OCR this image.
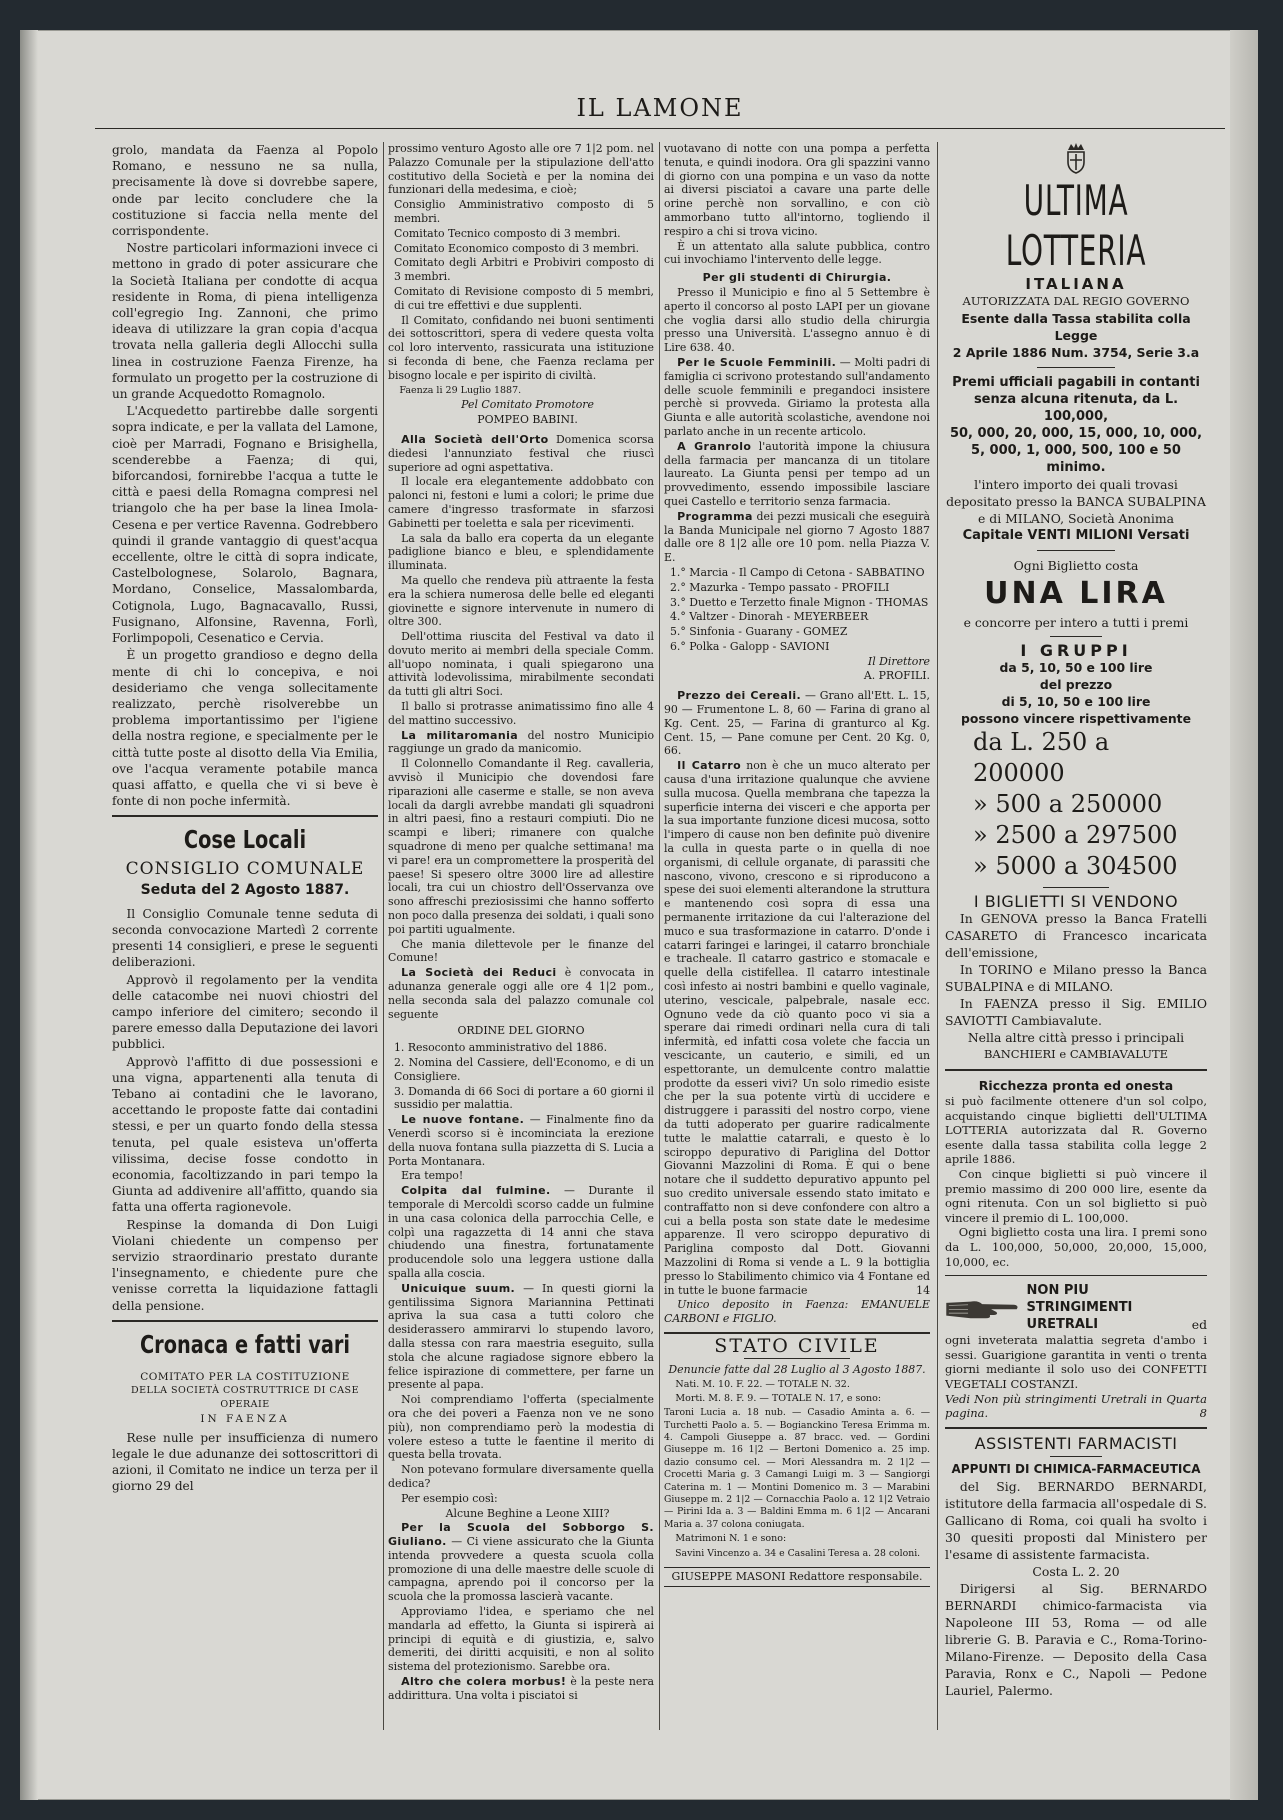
IL LAMONE

grolo, mandata da Faenza al Popolo Romano, e nessuno ne sa nulla, precisamente là dove si dovrebbe sapere, onde par lecito concludere che la costituzione si faccia nella mente del corrispondente.

Nostre particolari informazioni invece ci mettono in grado di poter assicurare che la Società Italiana per condotte di acqua residente in Roma, di piena intelligenza coll'egregio Ing. Zannoni, che primo ideava di utilizzare la gran copia d'acqua trovata nella galleria degli Allocchi sulla linea in costruzione Faenza Firenze, ha formulato un progetto per la costruzione di un grande Acquedotto Romagnolo.

L'Acquedetto partirebbe dalle sorgenti sopra indicate, e per la vallata del Lamone, cioè per Marradi, Fognano e Brisighella, scenderebbe a Faenza; di qui, biforcandosi, fornirebbe l'acqua a tutte le città e paesi della Romagna compresi nel triangolo che ha per base la linea Imola-Cesena e per vertice Ravenna. Godrebbero quindi il grande vantaggio di quest'acqua eccellente, oltre le città di sopra indicate, Castelbolognese, Solarolo, Bagnara, Mordano, Conselice, Massalombarda, Cotignola, Lugo, Bagnacavallo, Russi, Fusignano, Alfonsine, Ravenna, Forlì, Forlimpopoli, Cesenatico e Cervia.

È un progetto grandioso e degno della mente di chi lo concepiva, e noi desideriamo che venga sollecitamente realizzato, perchè risolverebbe un problema importantissimo per l'igiene della nostra regione, e specialmente per le città tutte poste al disotto della Via Emilia, ove l'acqua veramente potabile manca quasi affatto, e quella che vi si beve è fonte di non poche infermità.

Cose Locali
CONSIGLIO COMUNALE
Seduta del 2 Agosto 1887.

Il Consiglio Comunale tenne seduta di seconda convocazione Martedì 2 corrente presenti 14 consiglieri, e prese le seguenti deliberazioni.

Approvò il regolamento per la vendita delle catacombe nei nuovi chiostri del campo inferiore del cimitero; secondo il parere emesso dalla Deputazione dei lavori pubblici.

Approvò l'affitto di due possessioni e una vigna, appartenenti alla tenuta di Tebano ai contadini che le lavorano, accettando le proposte fatte dai contadini stessi, e per un quarto fondo della stessa tenuta, pel quale esisteva un'offerta vilissima, decise fosse condotto in economia, facoltizzando in pari tempo la Giunta ad addivenire all'affitto, quando sia fatta una offerta ragionevole.

Respinse la domanda di Don Luigi Violani chiedente un compenso per servizio straordinario prestato durante l'insegnamento, e chiedente pure che venisse corretta la liquidazione fattagli della pensione.

Cronaca e fatti vari
COMITATO PER LA COSTITUZIONE
DELLA SOCIETÀ COSTRUTTRICE DI CASE OPERAIE
IN FAENZA

Rese nulle per insufficienza di numero legale le due adunanze dei sottoscrittori di azioni, il Comitato ne indice un terza per il giorno 29 del

prossimo venturo Agosto alle ore 7 1|2 pom. nel Palazzo Comunale per la stipulazione dell'atto costitutivo della Società e per la nomina dei funzionari della medesima, e cioè;

Consiglio Amministrativo composto di 5 membri.

Comitato Tecnico composto di 3 membri.

Comitato Economico composto di 3 membri.

Comitato degli Arbitri e Probiviri composto di 3 membri.

Comitato di Revisione composto di 5 membri, di cui tre effettivi e due supplenti.

Il Comitato, confidando nei buoni sentimenti dei sottoscrittori, spera di vedere questa volta col loro intervento, rassicurata una istituzione si feconda di bene, che Faenza reclama per bisogno locale e per ispirito di civiltà.

Faenza li 29 Luglio 1887.

Pel Comitato Promotore

POMPEO BABINI.

Alla Società dell'Orto Domenica scorsa diedesi l'annunziato festival che riuscì superiore ad ogni aspettativa.

Il locale era elegantemente addobbato con palonci ni, festoni e lumi a colori; le prime due camere d'ingresso trasformate in sfarzosi Gabinetti per toeletta e sala per ricevimenti.

La sala da ballo era coperta da un elegante padiglione bianco e bleu, e splendidamente illuminata.

Ma quello che rendeva più attraente la festa era la schiera numerosa delle belle ed eleganti giovinette e signore intervenute in numero di oltre 300.

Dell'ottima riuscita del Festival va dato il dovuto merito ai membri della speciale Comm. all'uopo nominata, i quali spiegarono una attività lodevolissima, mirabilmente secondati da tutti gli altri Soci.

Il ballo si protrasse animatissimo fino alle 4 del mattino successivo.

La militaromania del nostro Municipio raggiunge un grado da manicomio.

Il Colonnello Comandante il Reg. cavalleria, avvisò il Municipio che dovendosi fare riparazioni alle caserme e stalle, se non aveva locali da dargli avrebbe mandati gli squadroni in altri paesi, fino a restauri compiuti. Dio ne scampi e liberi; rimanere con qualche squadrone di meno per qualche settimana! ma vi pare! era un compromettere la prosperità del paese! Si spesero oltre 3000 lire ad allestire locali, tra cui un chiostro dell'Osservanza ove sono affreschi preziosissimi che hanno sofferto non poco dalla presenza dei soldati, i quali sono poi partiti ugualmente.

Che mania dilettevole per le finanze del Comune!

La Società dei Reduci è convocata in adunanza generale oggi alle ore 4 1|2 pom., nella seconda sala del palazzo comunale col seguente

ORDINE DEL GIORNO

1. Resoconto amministrativo del 1886.

2. Nomina del Cassiere, dell'Economo, e di un Consigliere.

3. Domanda di 66 Soci di portare a 60 giorni il sussidio per malattia.

Le nuove fontane. — Finalmente fino da Venerdì scorso si è incominciata la erezione della nuova fontana sulla piazzetta di S. Lucia a Porta Montanara.

Era tempo!

Colpita dal fulmine. — Durante il temporale di Mercoldì scorso cadde un fulmine in una casa colonica della parrocchia Celle, e colpì una ragazzetta di 14 anni che stava chiudendo una finestra, fortunatamente producendole solo una leggera ustione dalla spalla alla coscia.

Unicuique suum. — In questi giorni la gentilissima Signora Mariannina Pettinati apriva la sua casa a tutti coloro che desiderassero ammirarvi lo stupendo lavoro, dalla stessa con rara maestria eseguito, sulla stola che alcune ragiadose signore ebbero la felice ispirazione di commettere, per farne un presente al papa.

Noi comprendiamo l'offerta (specialmente ora che dei poveri a Faenza non ve ne sono più), non comprendiamo però la modestia di volere esteso a tutte le faentine il merito di questa bella trovata.

Non potevano formulare diversamente quella dedica?

Per esempio così:

Alcune Beghine a Leone XIII?

Per la Scuola del Sobborgo S. Giuliano. — Ci viene assicurato che la Giunta intenda provvedere a questa scuola colla promozione di una delle maestre delle scuole di campagna, aprendo poi il concorso per la scuola che la promossa lascierà vacante.

Approviamo l'idea, e speriamo che nel mandarla ad effetto, la Giunta si ispirerà ai principi di equità e di giustizia, e, salvo demeriti, dei diritti acquisiti, e non al solito sistema del protezionismo. Sarebbe ora.

Altro che colera morbus! è la peste nera addirittura. Una volta i pisciatoi si

vuotavano di notte con una pompa a perfetta tenuta, e quindi inodora. Ora gli spazzini vanno di giorno con una pompina e un vaso da notte ai diversi pisciatoi a cavare una parte delle orine perchè non sorvallino, e con ciò ammorbano tutto all'intorno, togliendo il respiro a chi si trova vicino.

È un attentato alla salute pubblica, contro cui invochiamo l'intervento delle legge.

Per gli studenti di Chirurgia.

Presso il Municipio e fino al 5 Settembre è aperto il concorso al posto LAPI per un giovane che voglia darsi allo studio della chirurgia presso una Università. L'assegno annuo è di Lire 638. 40.

Per le Scuole Femminili. — Molti padri di famiglia ci scrivono protestando sull'andamento delle scuole femminili e pregandoci insistere perchè si provveda. Giriamo la protesta alla Giunta e alle autorità scolastiche, avendone noi parlato anche in un recente articolo.

A Granrolo l'autorità impone la chiusura della farmacia per mancanza di un titolare laureato. La Giunta pensi per tempo ad un provvedimento, essendo impossibile lasciare quei Castello e territorio senza farmacia.

Programma dei pezzi musicali che eseguirà la Banda Municipale nel giorno 7 Agosto 1887 dalle ore 8 1|2 alle ore 10 pom. nella Piazza V. E.

1.° Marcia - Il Campo di Cetona - SABBATINO

2.° Mazurka - Tempo passato - PROFILI

3.° Duetto e Terzetto finale Mignon - THOMAS

4.° Valtzer - Dinorah - MEYERBEER

5.° Sinfonia - Guarany - GOMEZ

6.° Polka - Galopp - SAVIONI

Il Direttore

A. PROFILI.

Prezzo dei Cereali. — Grano all'Ett. L. 15, 90 — Frumentone L. 8, 60 — Farina di grano al Kg. Cent. 25, — Farina di granturco al Kg. Cent. 15, — Pane comune per Cent. 20 Kg. 0, 66.

Il Catarro non è che un muco alterato per causa d'una irritazione qualunque che avviene sulla mucosa. Quella membrana che tapezza la superficie interna dei visceri e che apporta per la sua importante funzione dicesi mucosa, sotto l'impero di cause non ben definite può divenire la culla in questa parte o in quella di noe organismi, di cellule organate, di parassiti che nascono, vivono, crescono e si riproducono a spese dei suoi elementi alterandone la struttura e mantenendo così sopra di essa una permanente irritazione da cui l'alterazione del muco e sua trasformazione in catarro. D'onde i catarri faringei e laringei, il catarro bronchiale e tracheale. Il catarro gastrico e stomacale e quelle della cistifellea. Il catarro intestinale così infesto ai nostri bambini e quello vaginale, uterino, vescicale, palpebrale, nasale ecc. Ognuno vede da ciò quanto poco vi sia a sperare dai rimedi ordinari nella cura di tali infermità, ed infatti cosa volete che faccia un vescicante, un cauterio, e simili, ed un espettorante, un demulcente contro malattie prodotte da esseri vivi? Un solo rimedio esiste che per la sua potente virtù di uccidere e distruggere i parassiti del nostro corpo, viene da tutti adoperato per guarire radicalmente tutte le malattie catarrali, e questo è lo sciroppo depurativo di Pariglina del Dottor Giovanni Mazzolini di Roma. È qui o bene notare che il suddetto depurativo appunto pel suo credito universale essendo stato imitato e contraffatto non si deve confondere con altro a cui a bella posta son state date le medesime apparenze. Il vero sciroppo depurativo di Pariglina composto dal Dott. Giovanni Mazzolini di Roma si vende a L. 9 la bottiglia presso lo Stabilimento chimico via 4 Fontane ed in tutte le buone farmacie	14

Unico deposito in Faenza: EMANUELE CARBONI e FIGLIO.

STATO CIVILE

Denuncie fatte dal 28 Luglio al 3 Agosto 1887.

Nati. M. 10. F. 22. — TOTALE N. 32.

Morti. M. 8. F. 9. — TOTALE N. 17, e sono:

Taroni Lucia a. 18 nub. — Casadio Aminta a. 6. — Turchetti Paolo a. 5. — Bogianckino Teresa Erimma m. 4. Campoli Giuseppe a. 87 bracc. ved. — Gordini Giuseppe m. 16 1|2 — Bertoni Domenico a. 25 imp. dazio consumo cel. — Mori Alessandra m. 2 1|2 — Crocetti Maria g. 3 Camangi Luigi m. 3 — Sangiorgi Caterina m. 1 — Montini Domenico m. 3 — Marabini Giuseppe m. 2 1|2 — Cornacchia Paolo a. 12 1|2 Vetraio — Pirini Ida a. 3 — Baldini Emma m. 6 1|2 — Ancarani Maria a. 37 colona coniugata.

Matrimoni N. 1 e sono:

Savini Vincenzo a. 34 e Casalini Teresa a. 28 coloni.

GIUSEPPE MASONI Redattore responsabile.
ULTIMA LOTTERIA
ITALIANA
AUTORIZZATA DAL REGIO GOVERNO
Esente dalla Tassa stabilita colla Legge
2 Aprile 1886 Num. 3754, Serie 3.a
Premi ufficiali pagabili in contanti
senza alcuna ritenuta, da L. 100,000,
50, 000, 20, 000, 15, 000, 10, 000,
5, 000, 1, 000, 500, 100 e 50 minimo.
l'intero importo dei quali trovasi depositato presso la BANCA SUBALPINA e di MILANO, Società Anonima
Capitale VENTI MILIONI Versati
Ogni Biglietto costa
UNA LIRA
e concorre per intero a tutti i premi
I GRUPPI
da 5, 10, 50 e 100 lire
del prezzo
di 5, 10, 50 e 100 lire
possono vincere rispettivamente
da L. 250 a 200000
» 500 a 250000
» 2500 a 297500
» 5000 a 304500
I BIGLIETTI SI VENDONO

In GENOVA presso la Banca Fratelli CASARETO di Francesco incaricata dell'emissione,

In TORINO e Milano presso la Banca SUBALPINA e di MILANO.

In FAENZA presso il Sig. EMILIO SAVIOTTI Cambiavalute.

Nella altre città presso i principali
BANCHIERI e CAMBIAVALUTE
Ricchezza pronta ed onesta
si può facilmente ottenere d'un sol colpo, acquistando cinque biglietti dell'ULTIMA LOTTERIA autorizzata dal R. Governo esente dalla tassa stabilita colla legge 2 aprile 1886.
Con cinque biglietti si può vincere il premio massimo di 200 000 lire, esente da ogni ritenuta. Con un sol biglietto si può vincere il premio di L. 100,000.
Ogni biglietto costa una lira. I premi sono da L. 100,000, 50,000, 20,000, 15,000, 10,000, ec.
NON PIU STRINGIMENTI URETRALI	ed
ogni inveterata malattia segreta d'ambo i sessi. Guarigione garantita in venti o trenta giorni mediante il solo uso dei CONFETTI VEGETALI COSTANZI.
Vedi Non più stringimenti Uretrali in Quarta pagina.	8
ASSISTENTI FARMACISTI
APPUNTI DI CHIMICA-FARMACEUTICA

del Sig. BERNARDO BERNARDI, istitutore della farmacia all'ospedale di S. Gallicano di Roma, coi quali ha svolto i 30 quesiti proposti dal Ministero per l'esame di assistente farmacista.

Costa L. 2. 20

Dirigersi al Sig. BERNARDO BERNARDI chimico-farmacista via Napoleone III 53, Roma — od alle librerie G. B. Paravia e C., Roma-Torino-Milano-Firenze. — Deposito della Casa Paravia, Ronx e C., Napoli — Pedone Lauriel, Palermo.
